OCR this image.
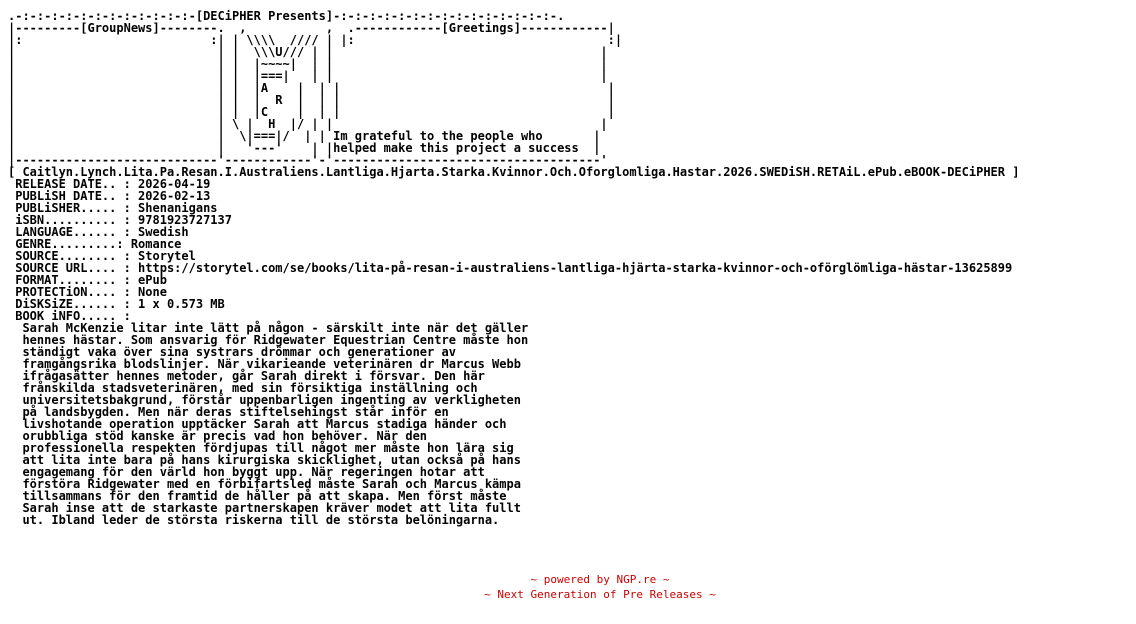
.-:-:-:-:-:-:-:-:-:-:-:-:-[DECiPHER Presents]-:-:-:-:-:-:-:-:-:-:-:-:-:-:-:-.
|---------[GroupNews]--------.  ,           ,  .------------[Greetings]------------|
|:                          :| | \\\\  //// | |:                                   :|
|                            | |  \\\U/// | |                                     |
|                            | |  |~~~~|  | |                                     |
|                            | |  |===|   | |                                     |
|                            | |  |A    |  | |                                     |
|                            | |  |  R  |  | |                                     |
|                            | |  |C    |  | |                                     |
|                            | \ |  H  |/ | |                                     |
|                            |  \|===|/  | | Im grateful to the people who       |
|                            |   '---'    | |helped make this project a success  |
|----------------------------'------------'-'-------------------------------------'
[ Caitlyn.Lynch.Lita.Pa.Resan.I.Australiens.Lantliga.Hjarta.Starka.Kvinnor.Och.Oforglomliga.Hastar.2026.SWEDiSH.RETAiL.ePub.eBOOK-DECiPHER ]
RELEASE DATE.. : 2026-04-19
PUBLiSH DATE.. : 2026-02-13
PUBLiSHER..... : Shenanigans
iSBN.......... : 9781923727137
LANGUAGE...... : Swedish
GENRE.........: Romance
SOURCE........ : Storytel
SOURCE URL.... : https://storytel.com/se/books/lita-på-resan-i-australiens-lantliga-hjärta-starka-kvinnor-och-oförglömliga-hästar-13625899
FORMAT........ : ePub
PROTECTiON.... : None
DiSKSiZE...... : 1 x 0.573 MB
BOOK iNFO..... :
Sarah McKenzie litar inte lätt på någon - särskilt inte när det gäller
hennes hästar. Som ansvarig för Ridgewater Equestrian Centre måste hon
ständigt vaka över sina systrars drömmar och generationer av
framgångsrika blodslinjer. När vikarieande veterinären dr Marcus Webb
ifrågasätter hennes metoder, går Sarah direkt i försvar. Den här
frånskilda stadsveterinären, med sin försiktiga inställning och
universitetsbakgrund, förstår uppenbarligen ingenting av verkligheten
på landsbygden. Men när deras stiftelsehingst står inför en
livshotande operation upptäcker Sarah att Marcus stadiga händer och
orubbliga stöd kanske är precis vad hon behöver. När den
professionella respekten fördjupas till något mer måste hon lära sig
att lita inte bara på hans kirurgiska skicklighet, utan också på hans
engagemang för den värld hon byggt upp. När regeringen hotar att
förstöra Ridgewater med en förbifartsled måste Sarah och Marcus kämpa
tillsammans för den framtid de håller på att skapa. Men först måste
Sarah inse att de starkaste partnerskapen kräver modet att lita fullt
ut. Ibland leder de största riskerna till de största belöningarna.
~ powered by NGP.re ~
~ Next Generation of Pre Releases ~
